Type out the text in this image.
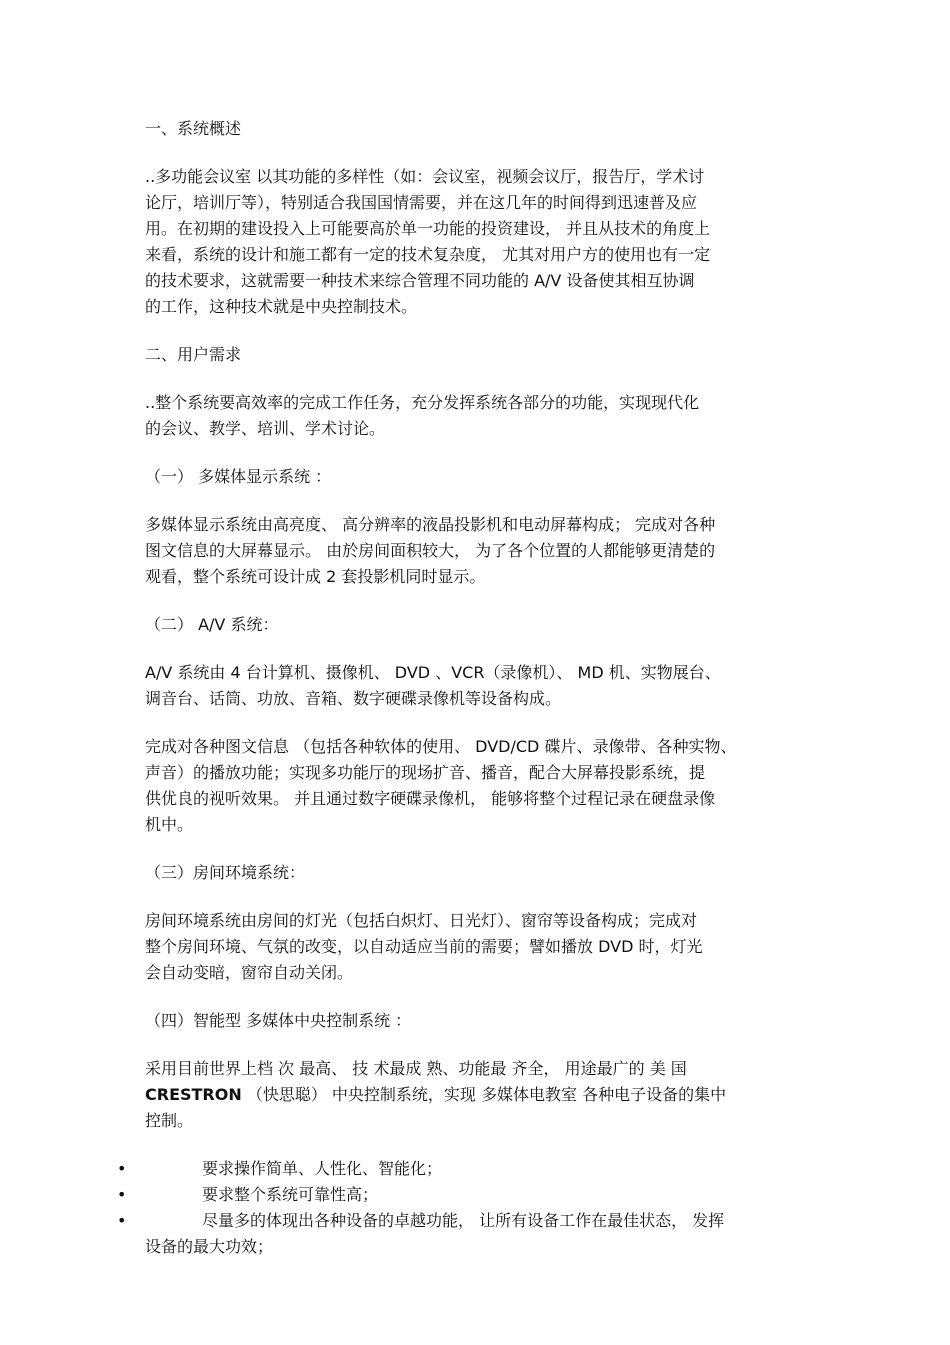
一、系统概述
..多功能会议室 以其功能的多样性（如：会议室，视频会议厅，报告厅，学术讨
论厅，培训厅等），特别适合我国国情需要，并在这几年的时间得到迅速普及应
用。在初期的建设投入上可能要高於单一功能的投资建设， 并且从技术的角度上
来看，系统的设计和施工都有一定的技术复杂度， 尤其对用户方的使用也有一定
的技术要求，这就需要一种技术来综合管理不同功能的 A/V 设备使其相互协调
的工作，这种技术就是中央控制技术。
二、用户需求
..整个系统要高效率的完成工作任务，充分发挥系统各部分的功能，实现现代化
的会议、教学、培训、学术讨论。
（一） 多媒体显示系统 ：
多媒体显示系统由高亮度、 高分辨率的液晶投影机和电动屏幕构成； 完成对各种
图文信息的大屏幕显示。 由於房间面积较大， 为了各个位置的人都能够更清楚的
观看，整个系统可设计成 2 套投影机同时显示。
（二） A/V 系统：
A/V 系统由 4 台计算机、摄像机、 DVD 、VCR（录像机）、 MD 机、实物展台、
调音台、话筒、功放、音箱、数字硬碟录像机等设备构成。
完成对各种图文信息 （包括各种软体的使用、 DVD/CD 碟片、录像带、各种实物、
声音）的播放功能；实现多功能厅的现场扩音、播音，配合大屏幕投影系统，提
供优良的视听效果。 并且通过数字硬碟录像机， 能够将整个过程记录在硬盘录像
机中。
（三）房间环境系统：
房间环境系统由房间的灯光（包括白炽灯、日光灯）、窗帘等设备构成；完成对
整个房间环境、气氛的改变，以自动适应当前的需要；譬如播放 DVD 时，灯光
会自动变暗，窗帘自动关闭。
（四）智能型 多媒体中央控制系统 ：
采用目前世界上档 次 最高、 技 术最成 熟、功能最 齐全， 用途最广的 美 国
CRESTRON （快思聪） 中央控制系统，实现 多媒体电教室 各种电子设备的集中
控制。
•	要求操作简单、人性化、智能化；
•	要求整个系统可靠性高；
•	尽量多的体现出各种设备的卓越功能， 让所有设备工作在最佳状态， 发挥
设备的最大功效；
